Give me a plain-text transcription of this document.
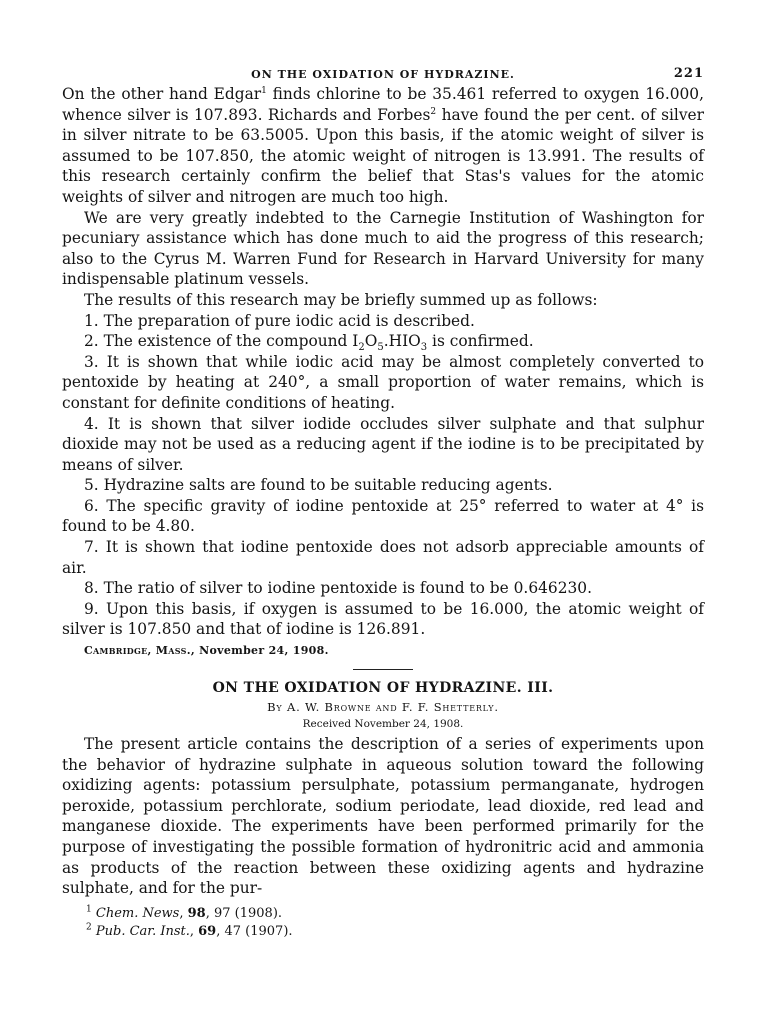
ON THE OXIDATION OF HYDRAZINE.	221

On the other hand Edgar$^1$ finds chlorine to be 35.461 referred to oxygen 16.000, whence silver is 107.893. Richards and Forbes$^2$ have found the per cent. of silver in silver nitrate to be 63.5005. Upon this basis, if the atomic weight of silver is assumed to be 107.850, the atomic weight of nitrogen is 13.991. The results of this research certainly confirm the belief that Stas's values for the atomic weights of silver and nitrogen are much too high.

We are very greatly indebted to the Carnegie Institution of Washington for pecuniary assistance which has done much to aid the progress of this research; also to the Cyrus M. Warren Fund for Research in Harvard University for many indispensable platinum vessels.

The results of this research may be briefly summed up as follows:

1. The preparation of pure iodic acid is described.

2. The existence of the compound $I_2O_5.HIO_3$ is confirmed.

3. It is shown that while iodic acid may be almost completely converted to pentoxide by heating at 240°, a small proportion of water remains, which is constant for definite conditions of heating.

4. It is shown that silver iodide occludes silver sulphate and that sulphur dioxide may not be used as a reducing agent if the iodine is to be precipitated by means of silver.

5. Hydrazine salts are found to be suitable reducing agents.

6. The specific gravity of iodine pentoxide at 25° referred to water at 4° is found to be 4.80.

7. It is shown that iodine pentoxide does not adsorb appreciable amounts of air.

8. The ratio of silver to iodine pentoxide is found to be 0.646230.

9. Upon this basis, if oxygen is assumed to be 16.000, the atomic weight of silver is 107.850 and that of iodine is 126.891.

Cambridge, Mass., November 24, 1908.
ON THE OXIDATION OF HYDRAZINE. III.
By A. W. Browne and F. F. Shetterly.
Received November 24, 1908.

The present article contains the description of a series of experiments upon the behavior of hydrazine sulphate in aqueous solution toward the following oxidizing agents: potassium persulphate, potassium permanganate, hydrogen peroxide, potassium perchlorate, sodium periodate, lead dioxide, red lead and manganese dioxide. The experiments have been performed primarily for the purpose of investigating the possible formation of hydronitric acid and ammonia as products of the reaction between these oxidizing agents and hydrazine sulphate, and for the pur-

$^1$ Chem. News, 98, 97 (1908).
$^2$ Pub. Car. Inst., 69, 47 (1907).
